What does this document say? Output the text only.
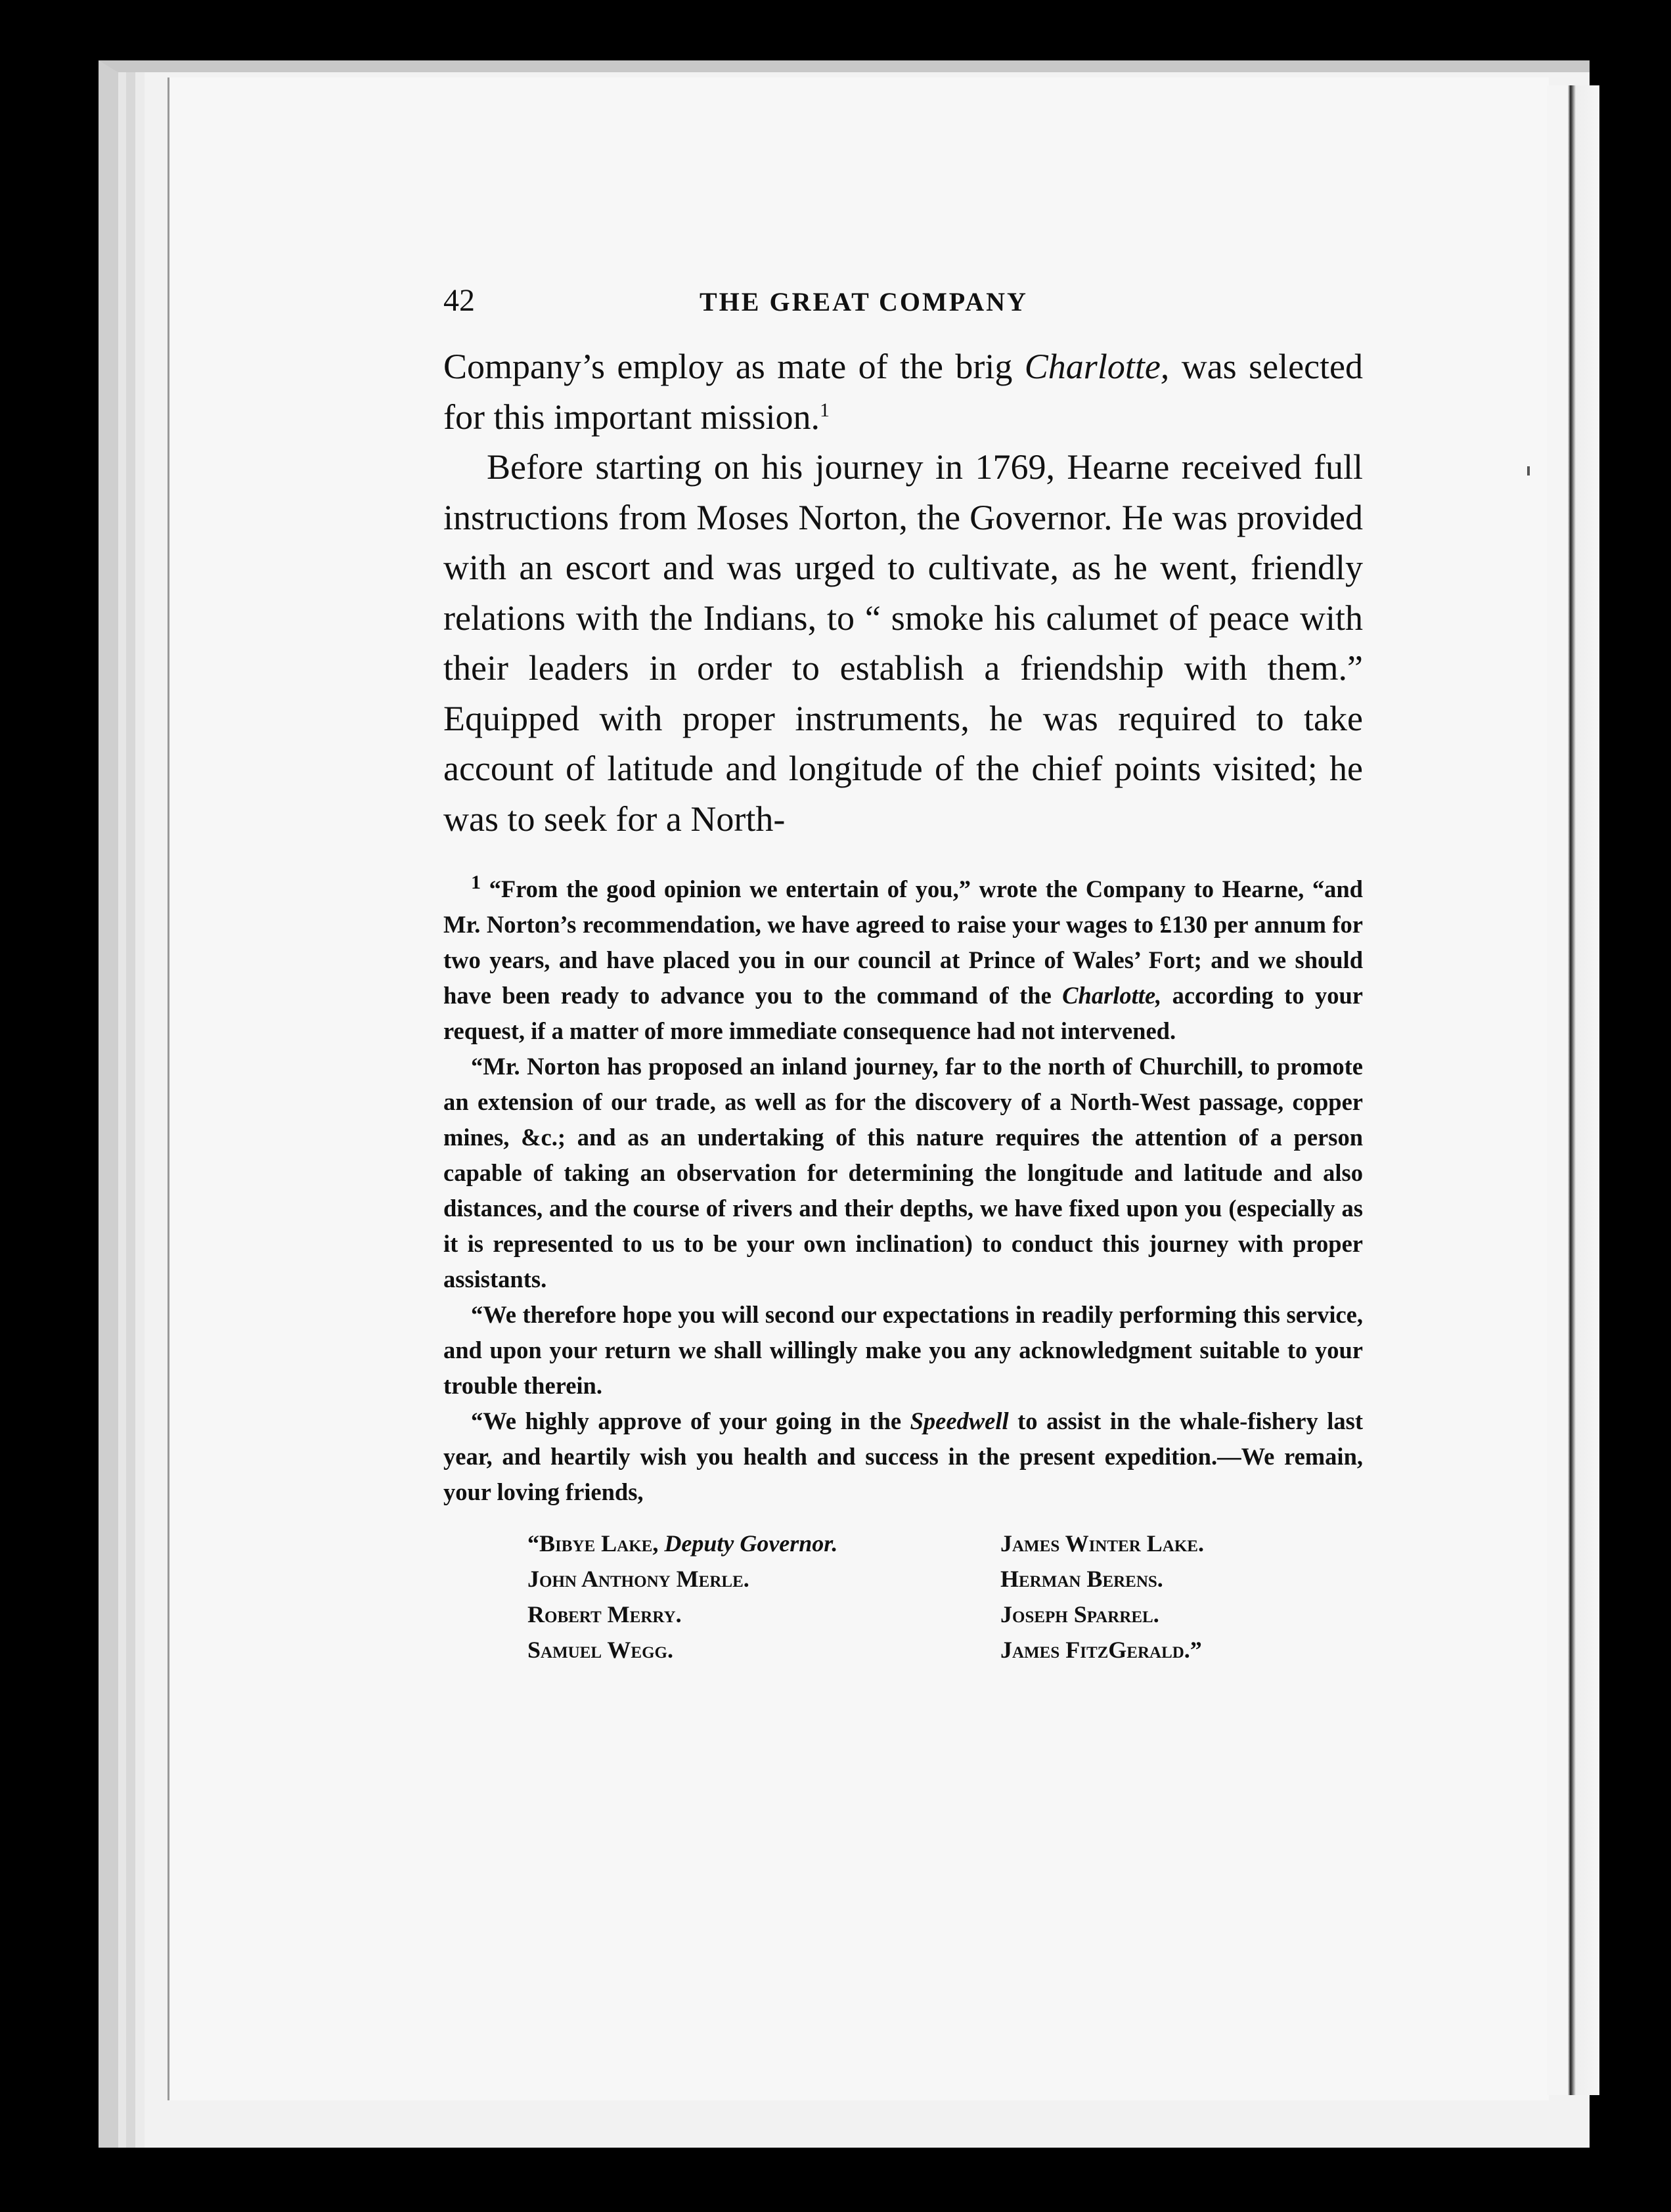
42	THE GREAT COMPANY

Company’s employ as mate of the brig Charlotte, was selected for this important mission.$^1$

Before starting on his journey in 1769, Hearne received full instructions from Moses Norton, the Governor. He was provided with an escort and was urged to cultivate, as he went, friendly relations with the Indians, to “ smoke his calumet of peace with their leaders in order to establish a friendship with them.” Equipped with proper instruments, he was required to take account of latitude and longitude of the chief points visited; he was to seek for a North-

$^1$ “From the good opinion we entertain of you,” wrote the Company to Hearne, “and Mr. Norton’s recommendation, we have agreed to raise your wages to £130 per annum for two years, and have placed you in our council at Prince of Wales’ Fort; and we should have been ready to advance you to the command of the Charlotte, according to your request, if a matter of more immediate consequence had not intervened.

“Mr. Norton has proposed an inland journey, far to the north of Churchill, to promote an extension of our trade, as well as for the discovery of a North-West passage, copper mines, &c.; and as an undertaking of this nature requires the attention of a person capable of taking an observation for determining the longitude and latitude and also distances, and the course of rivers and their depths, we have fixed upon you (especially as it is represented to us to be your own inclination) to conduct this journey with proper assistants.

“We therefore hope you will second our expectations in readily performing this service, and upon your return we shall willingly make you any acknowledgment suitable to your trouble therein.

“We highly approve of your going in the Speedwell to assist in the whale-fishery last year, and heartily wish you health and success in the present expedition.—We remain, your loving friends,

“Bibye Lake, Deputy Governor.
John Anthony Merle.
Robert Merry.
Samuel Wegg.
James Winter Lake.
Herman Berens.
Joseph Sparrel.
James FitzGerald.”
